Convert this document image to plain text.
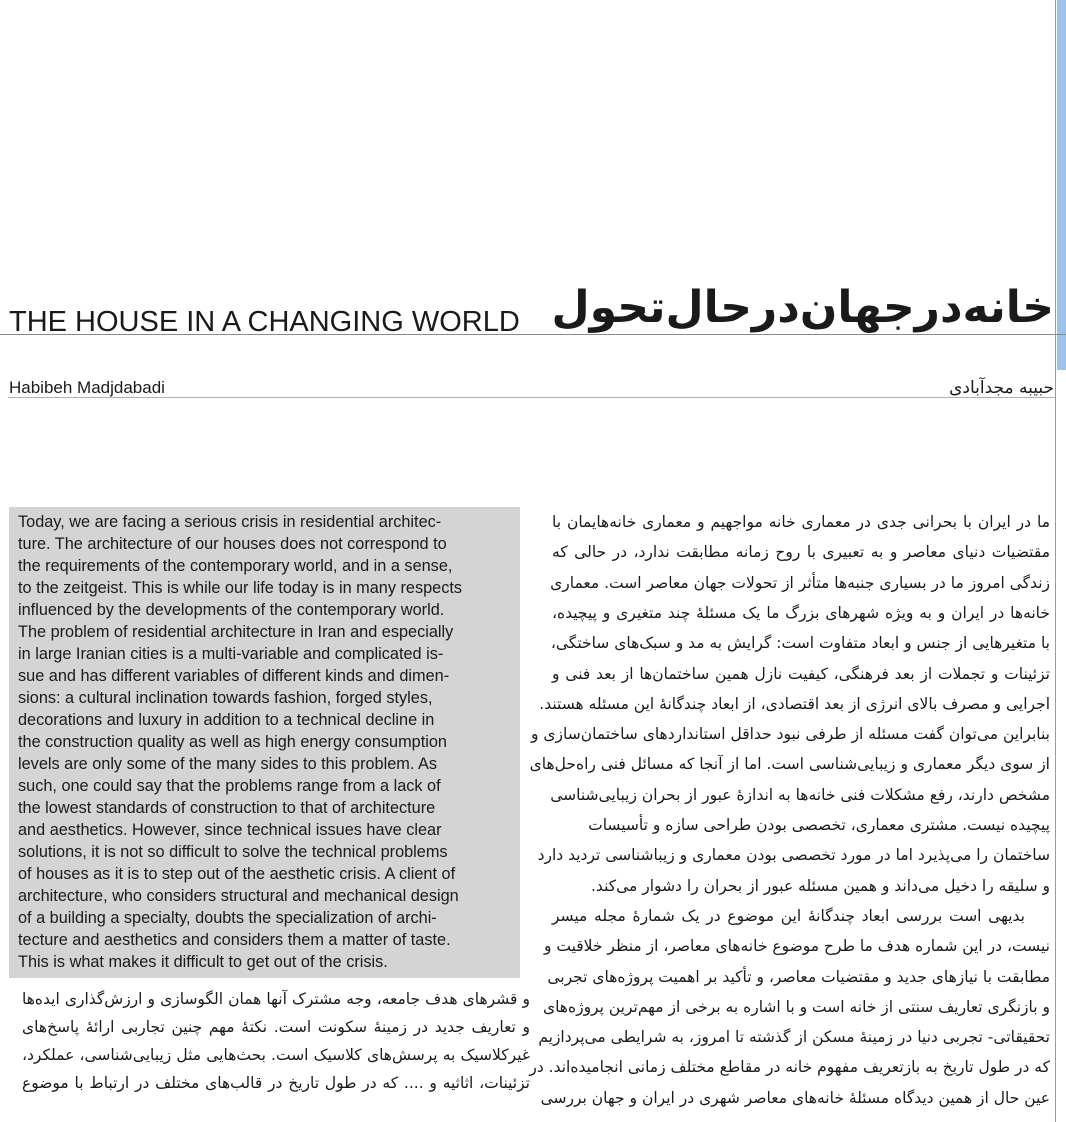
THE HOUSE IN A CHANGING WORLD خانه‌درجهان‌درحال‌تحول
Habibeh Madjdabadi	حبیبه مجدآبادی
Today, we are facing a serious crisis in residential architec-
ture. The architecture of our houses does not correspond to
the requirements of the contemporary world, and in a sense,
to the zeitgeist. This is while our life today is in many respects
influenced by the developments of the contemporary world.
The problem of residential architecture in Iran and especially
in large Iranian cities is a multi-variable and complicated is-
sue and has different variables of different kinds and dimen-
sions: a cultural inclination towards fashion, forged styles,
decorations and luxury in addition to a technical decline in
the construction quality as well as high energy consumption
levels are only some of the many sides to this problem. As
such, one could say that the problems range from a lack of
the lowest standards of construction to that of architecture
and aesthetics. However, since technical issues have clear
solutions, it is not so difficult to solve the technical problems
of houses as it is to step out of the aesthetic crisis. A client of
architecture, who considers structural and mechanical design
of a building a specialty, doubts the specialization of archi-
tecture and aesthetics and considers them a matter of taste.
This is what makes it difficult to get out of the crisis.
ما در ایران با بحرانی جدی در معماری خانه مواجهیم و معماری خانه‌هایمان با
مقتضیات دنیای معاصر و به تعبیری با روح زمانه مطابقت ندارد، در حالی که
زندگی امروز ما در بسیاری جنبه‌ها متأثر از تحولات جهان معاصر است. معماری
خانه‌ها در ایران و به ویژه شهرهای بزرگ ما یک مسئلهٔ چند متغیری و پیچیده،
با متغیرهایی از جنس و ابعاد متفاوت است: گرایش به مد و سبک‌های ساختگی،
تزئینات و تجملات از بعد فرهنگی، کیفیت نازل همین ساختمان‌ها از بعد فنی و
اجرایی و مصرف بالای انرژی از بعد اقتصادی، از ابعاد چندگانهٔ این مسئله هستند.
بنابراین می‌توان گفت مسئله از طرفی نبود حداقل استانداردهای ساختمان‌سازی و
از سوی دیگر معماری و زیبایی‌شناسی است. اما از آنجا که مسائل فنی راه‌حل‌های
مشخص دارند، رفع مشکلات فنی خانه‌ها به اندازهٔ عبور از بحران زیبایی‌شناسی
پیچیده نیست. مشتری معماری، تخصصی بودن طراحی سازه و تأسیسات
ساختمان را می‌پذیرد اما در مورد تخصصی بودن معماری و زیباشناسی تردید دارد
و سلیقه را دخیل می‌داند و همین مسئله عبور از بحران را دشوار می‌کند.
بدیهی است بررسی ابعاد چندگانهٔ این موضوع در یک شمارهٔ مجله میسر
نیست، در این شماره هدف ما طرح موضوع خانه‌های معاصر، از منظر خلاقیت و
مطابقت با نیازهای جدید و مقتضیات معاصر، و تأکید بر اهمیت پروژه‌های تجربی
و بازنگری تعاریف سنتی از خانه است و با اشاره به برخی از مهم‌ترین پروژه‌های
تحقیقاتی- تجربی دنیا در زمینهٔ مسکن از گذشته تا امروز، به شرایطی می‌پردازیم
که در طول تاریخ به بازتعریف مفهوم خانه در مقاطع مختلف زمانی انجامیده‌اند. در
عین حال از همین دیدگاه مسئلهٔ خانه‌های معاصر شهری در ایران و جهان بررسی
و قشرهای هدف جامعه، وجه مشترک آنها همان الگوسازی و ارزش‌گذاری ایده‌ها
و تعاریف جدید در زمینهٔ سکونت است. نکتهٔ مهم چنین تجاربی ارائهٔ پاسخ‌های
غیرکلاسیک به پرسش‌های کلاسیک است. بحث‌هایی مثل زیبایی‌شناسی، عملکرد،
تزئینات، اثاثیه و .... که در طول تاریخ در قالب‌های مختلف در ارتباط با موضوع
